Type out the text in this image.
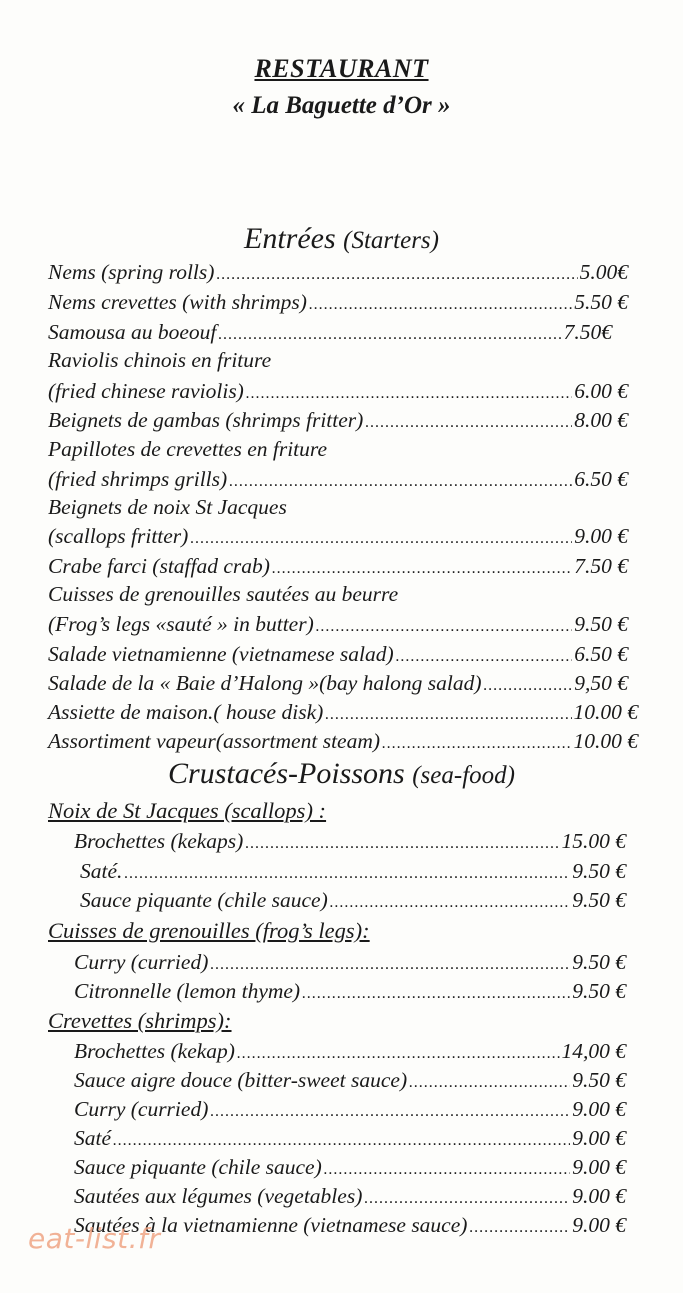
RESTAURANT
« La Baguette d’Or »
Entrées (Starters)
Nems (spring rolls) .....	5.00€
Nems crevettes (with shrimps) .....	5.50 €
Samousa au boeouf .....	7.50€
Raviolis chinois en friture
(fried chinese raviolis) .....	6.00 €
Beignets de gambas (shrimps fritter) .....	8.00 €
Papillotes de crevettes en friture
(fried shrimps grills) .....	6.50 €
Beignets de noix St Jacques
(scallops fritter) .....	9.00 €
Crabe farci (staffad crab) .....	7.50 €
Cuisses de grenouilles sautées au beurre
(Frog’s legs «sauté » in butter) .....	9.50 €
Salade vietnamienne (vietnamese salad) .....	6.50 €
Salade de la « Baie d’Halong »(bay halong salad) .....	9,50 €
Assiette de maison.( house disk) .....	10.00 €
Assortiment vapeur(assortment steam) .....	10.00 €
Crustacés-Poissons (sea-food)
Noix de St Jacques (scallops) :
Brochettes (kekaps) .....	15.00 €
Saté. .....	9.50 €
Sauce piquante (chile sauce) .....	9.50 €
Cuisses de grenouilles (frog’s legs):
Curry (curried) .....	9.50 €
Citronnelle (lemon thyme) .....	9.50 €
Crevettes (shrimps):
Brochettes (kekap) .....	14,00 €
Sauce aigre douce (bitter-sweet sauce) .....	9.50 €
Curry (curried) .....	9.00 €
Saté .....	9.00 €
Sauce piquante (chile sauce) .....	9.00 €
Sautées aux légumes (vegetables) .....	9.00 €
Sautées à la vietnamienne (vietnamese sauce) .....	9.00 €
eat-list.fr
